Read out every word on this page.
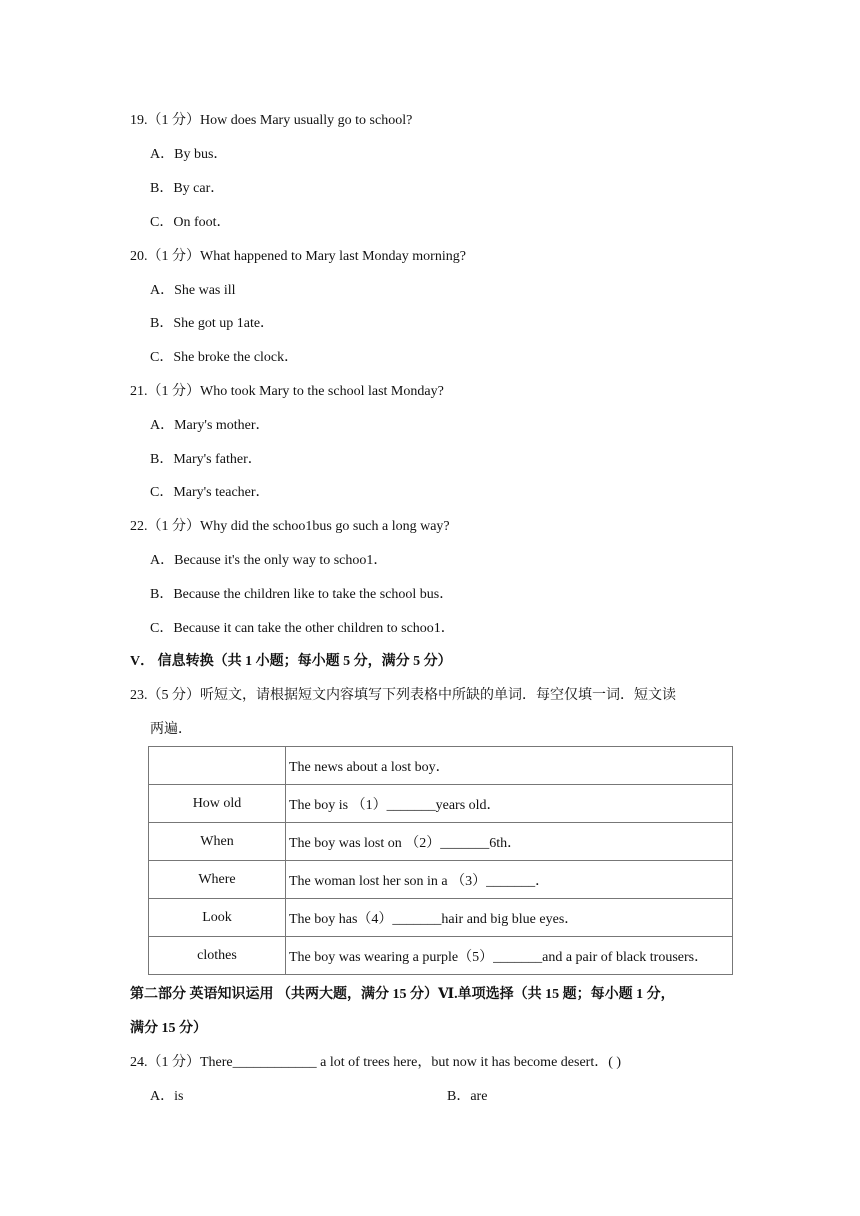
19.（1 分）How does Mary usually go to school?
A．By bus．
B．By car．
C．On foot．
20.（1 分）What happened to Mary last Monday morning?
A．She was ill
B．She got up 1ate．
C．She broke the clock．
21.（1 分）Who took Mary to the school last Monday?
A．Mary's mother．
B．Mary's father．
C．Mary's teacher．
22.（1 分）Why did the schoo1bus go such a long way?
A．Because it's the only way to schoo1．
B．Because the children like to take the school bus．
C．Because it can take the other children to schoo1．
V． 信息转换（共 1 小题；每小题 5 分，满分 5 分）
23.（5 分）听短文，请根据短文内容填写下列表格中所缺的单词．每空仅填一词．短文读
两遍．
	The news about a lost boy．
How old	The boy is （1）_______years old．
When	The boy was lost on （2）_______6th．
Where	The woman lost her son in a （3）_______．
Look	The boy has（4）_______hair and big blue eyes．
clothes	The boy was wearing a purple（5）_______and a pair of black trousers．
第二部分 英语知识运用 （共两大题，满分 15 分）Ⅵ.单项选择（共 15 题；每小题 1 分，
满分 15 分）
24.（1 分）There____________ a lot of trees here，but now it has become desert．( )
A．is	B．are
